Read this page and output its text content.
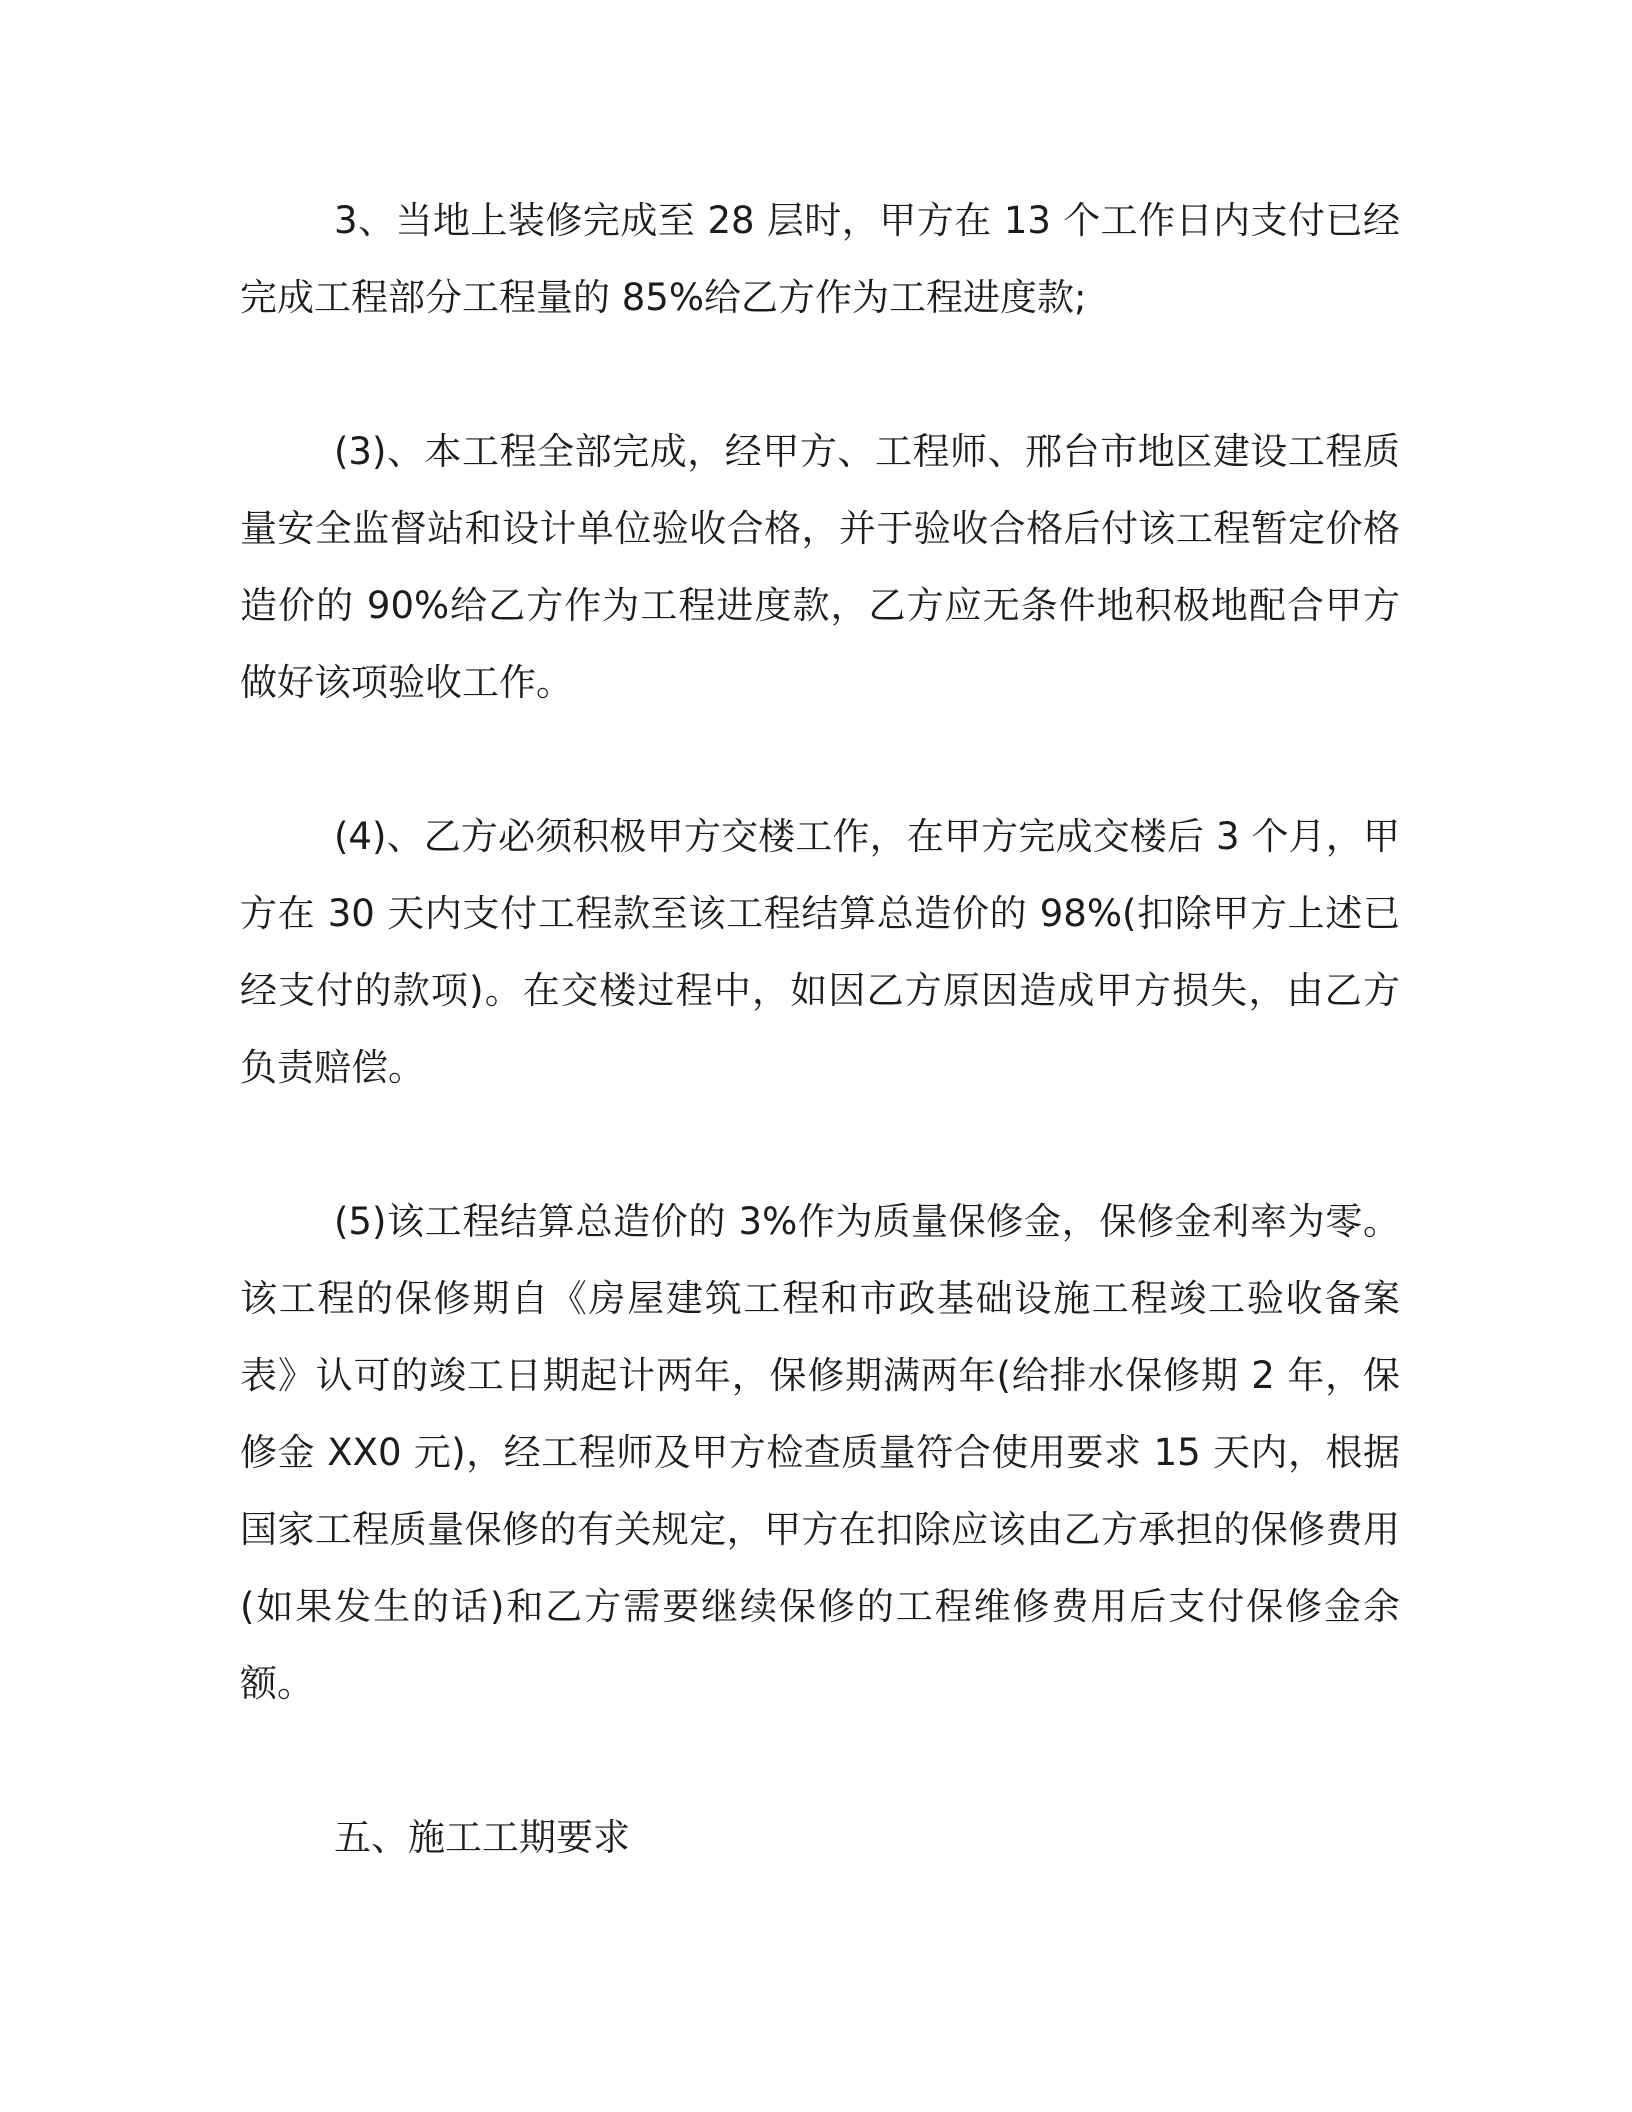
3、当地上装修完成至 28 层时，甲方在 13 个工作日内支付已经完成工程部分工程量的 85%给乙方作为工程进度款;

(3)、本工程全部完成，经甲方、工程师、邢台市地区建设工程质量安全监督站和设计单位验收合格，并于验收合格后付该工程暂定价格造价的 90%给乙方作为工程进度款，乙方应无条件地积极地配合甲方做好该项验收工作。

(4)、乙方必须积极甲方交楼工作，在甲方完成交楼后 3 个月，甲方在 30 天内支付工程款至该工程结算总造价的 98%(扣除甲方上述已经支付的款项)。在交楼过程中，如因乙方原因造成甲方损失，由乙方负责赔偿。

(5)该工程结算总造价的 3%作为质量保修金，保修金利率为零。该工程的保修期自《房屋建筑工程和市政基础设施工程竣工验收备案表》认可的竣工日期起计两年，保修期满两年(给排水保修期 2 年，保修金 XX0 元)，经工程师及甲方检查质量符合使用要求 15 天内，根据国家工程质量保修的有关规定，甲方在扣除应该由乙方承担的保修费用(如果发生的话)和乙方需要继续保修的工程维修费用后支付保修金余额。

五、施工工期要求
